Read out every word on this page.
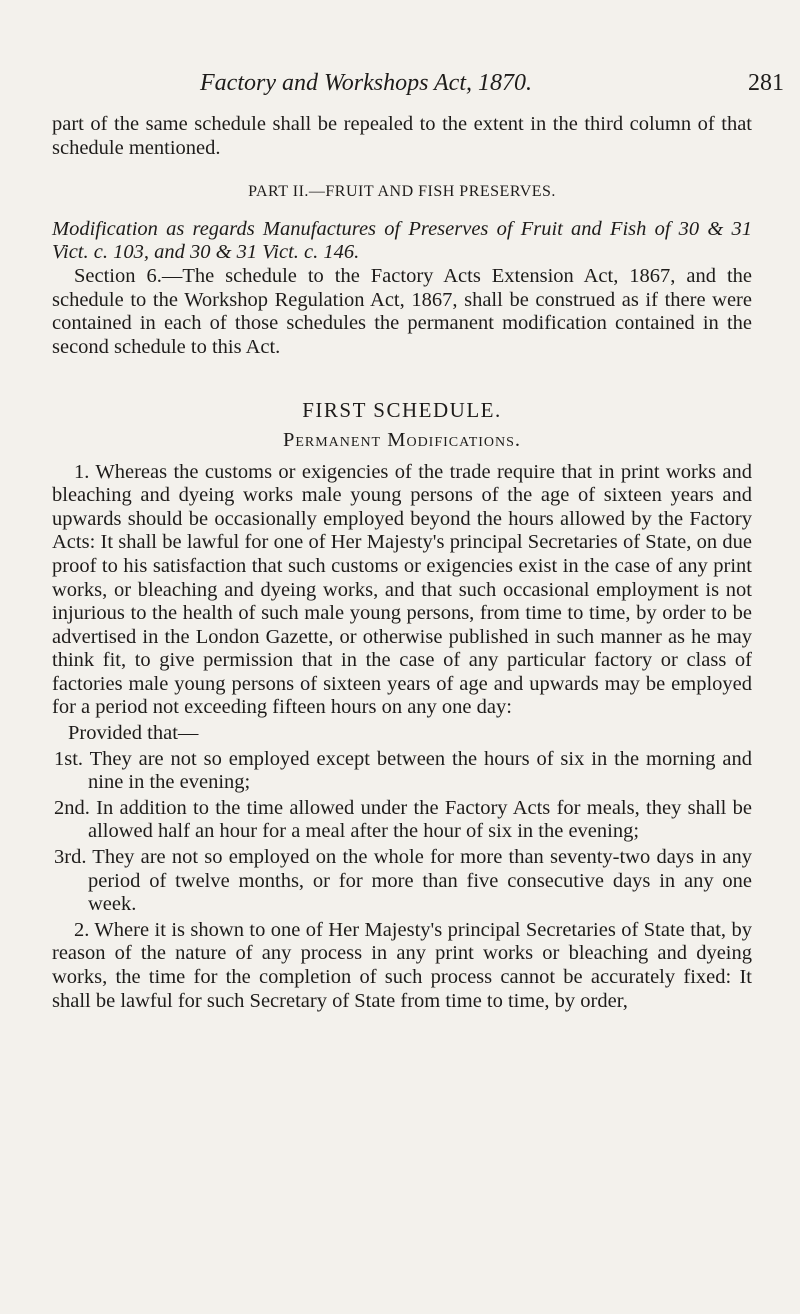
Factory and Workshops Act, 1870.	281

part of the same schedule shall be repealed to the extent in the third column of that schedule mentioned.

PART II.—FRUIT AND FISH PRESERVES.

Modification as regards Manufactures of Preserves of Fruit and Fish of 30 & 31 Vict. c. 103, and 30 & 31 Vict. c. 146.

Section 6.—The schedule to the Factory Acts Extension Act, 1867, and the schedule to the Workshop Regulation Act, 1867, shall be construed as if there were contained in each of those schedules the permanent modification contained in the second schedule to this Act.

FIRST SCHEDULE.

Permanent Modifications.

1. Whereas the customs or exigencies of the trade require that in print works and bleaching and dyeing works male young persons of the age of sixteen years and upwards should be occasionally employed beyond the hours allowed by the Factory Acts: It shall be lawful for one of Her Majesty's principal Secretaries of State, on due proof to his satisfaction that such customs or exigencies exist in the case of any print works, or bleaching and dyeing works, and that such occasional employment is not injurious to the health of such male young persons, from time to time, by order to be advertised in the London Gazette, or otherwise published in such manner as he may think fit, to give permission that in the case of any particular factory or class of factories male young persons of sixteen years of age and upwards may be employed for a period not exceeding fifteen hours on any one day:

Provided that—

1st. They are not so employed except between the hours of six in the morning and nine in the evening;

2nd. In addition to the time allowed under the Factory Acts for meals, they shall be allowed half an hour for a meal after the hour of six in the evening;

3rd. They are not so employed on the whole for more than seventy-two days in any period of twelve months, or for more than five consecutive days in any one week.

2. Where it is shown to one of Her Majesty's principal Secretaries of State that, by reason of the nature of any process in any print works or bleaching and dyeing works, the time for the completion of such process cannot be accurately fixed: It shall be lawful for such Secretary of State from time to time, by order,
